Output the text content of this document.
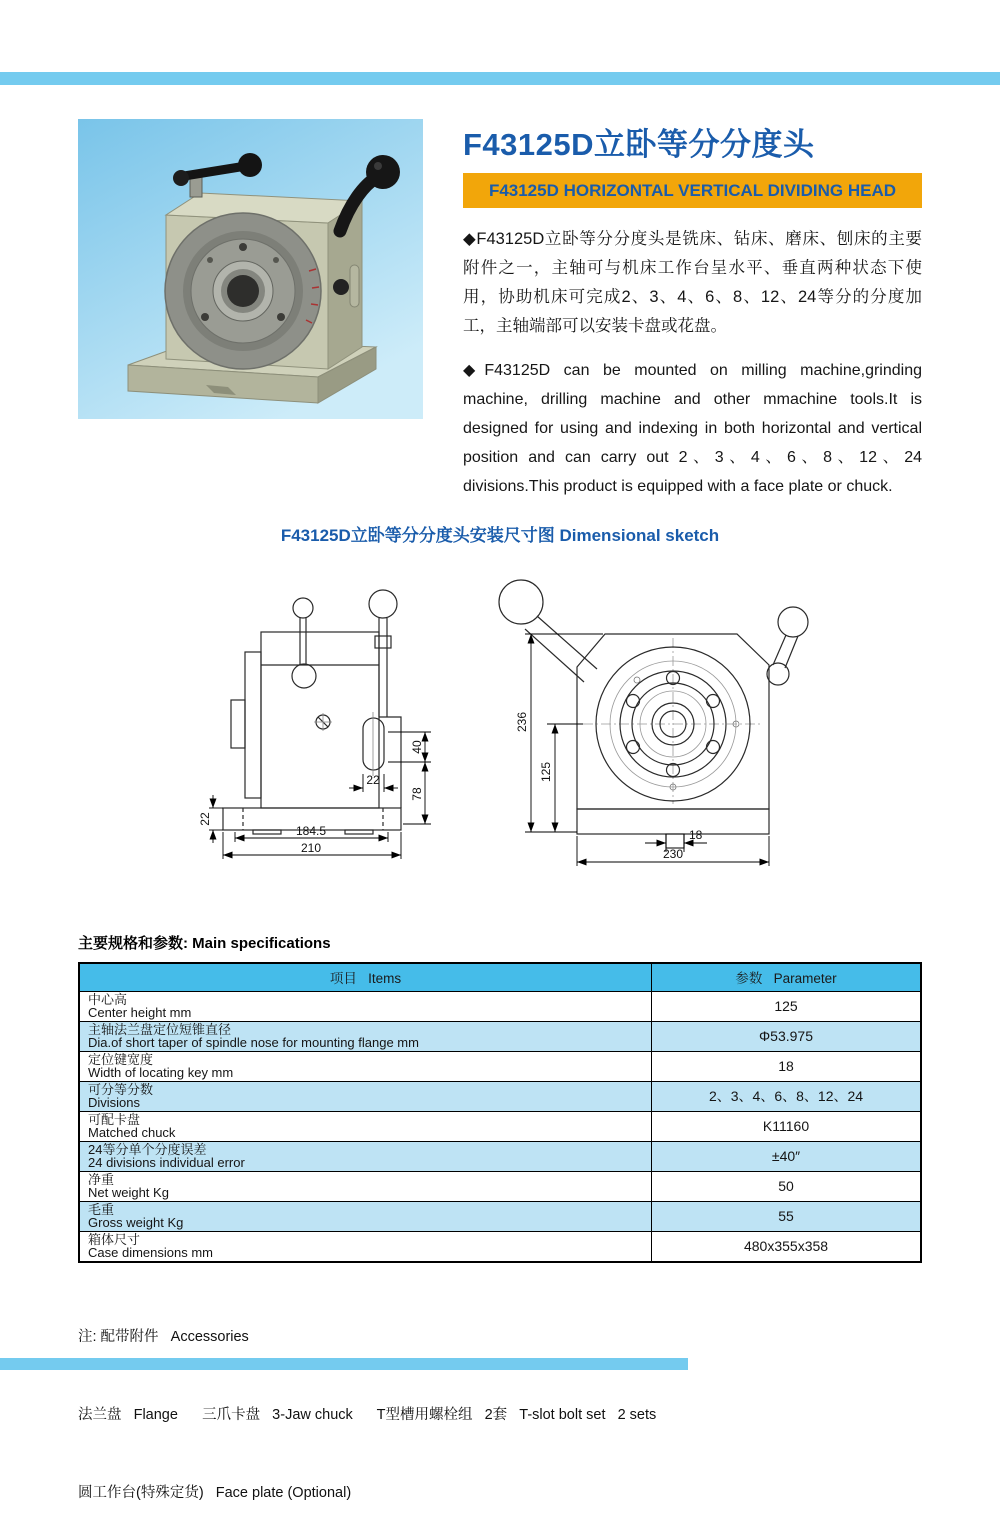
F43125D立卧等分分度头
F43125D HORIZONTAL VERTICAL DIVIDING HEAD

◆F43125D立卧等分分度头是铣床、钻床、磨床、刨床的主要附件之一，主轴可与机床工作台呈水平、垂直两种状态下使用，协助机床可完成2、3、4、6、8、12、24等分的分度加工，主轴端部可以安装卡盘或花盘。

◆F43125D can be mounted on milling machine,grinding machine, drilling machine and other mmachine tools.It is designed for using and indexing in both horizontal and vertical position and can carry out 2、3、4、6、8、12、24 divisions.This product is equipped with a face plate or chuck.

F43125D立卧等分分度头安装尺寸图 Dimensional sketch
40
78
22
22
184.5
210
236
125
18
230
主要规格和参数: Main specifications
项目   Items	参数   Parameter

中心高
Center height mm	125

主轴法兰盘定位短锥直径
Dia.of short taper of spindle nose for mounting flange mm	Φ53.975

定位键宽度
Width of locating key mm	18

可分等分数
Divisions	2、3、4、6、8、12、24

可配卡盘
Matched chuck	K11160

24等分单个分度误差
24 divisions individual error	±40″

净重
Net weight Kg	50

毛重
Gross weight Kg	55

箱体尺寸
Case dimensions mm	480x355x358

注: 配带附件   Accessories

法兰盘   Flange      三爪卡盘   3-Jaw chuck      T型槽用螺栓组   2套   T-slot bolt set   2 sets

圆工作台(特殊定货)   Face plate (Optional)
